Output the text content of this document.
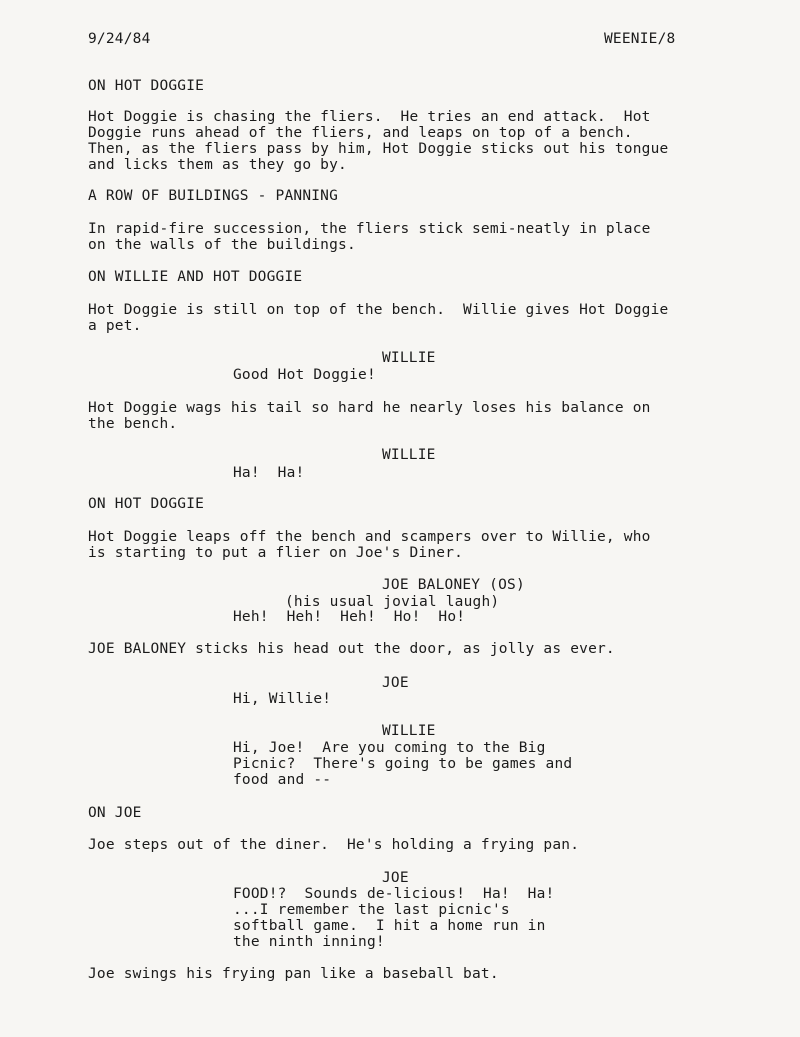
9/24/84	WEENIE/8
ON HOT DOGGIE
Hot Doggie is chasing the fliers.  He tries an end attack.  Hot
Doggie runs ahead of the fliers, and leaps on top of a bench.
Then, as the fliers pass by him, Hot Doggie sticks out his tongue
and licks them as they go by.
A ROW OF BUILDINGS - PANNING
In rapid-fire succession, the fliers stick semi-neatly in place
on the walls of the buildings.
ON WILLIE AND HOT DOGGIE
Hot Doggie is still on top of the bench.  Willie gives Hot Doggie
a pet.
WILLIE
Good Hot Doggie!
Hot Doggie wags his tail so hard he nearly loses his balance on
the bench.
WILLIE
Ha!  Ha!
ON HOT DOGGIE
Hot Doggie leaps off the bench and scampers over to Willie, who
is starting to put a flier on Joe's Diner.
JOE BALONEY (OS)
(his usual jovial laugh)
Heh!  Heh!  Heh!  Ho!  Ho!
JOE BALONEY sticks his head out the door, as jolly as ever.
JOE
Hi, Willie!
WILLIE
Hi, Joe!  Are you coming to the Big
Picnic?  There's going to be games and
food and --
ON JOE
Joe steps out of the diner.  He's holding a frying pan.
JOE
FOOD!?  Sounds de-licious!  Ha!  Ha!
...I remember the last picnic's
softball game.  I hit a home run in
the ninth inning!
Joe swings his frying pan like a baseball bat.
